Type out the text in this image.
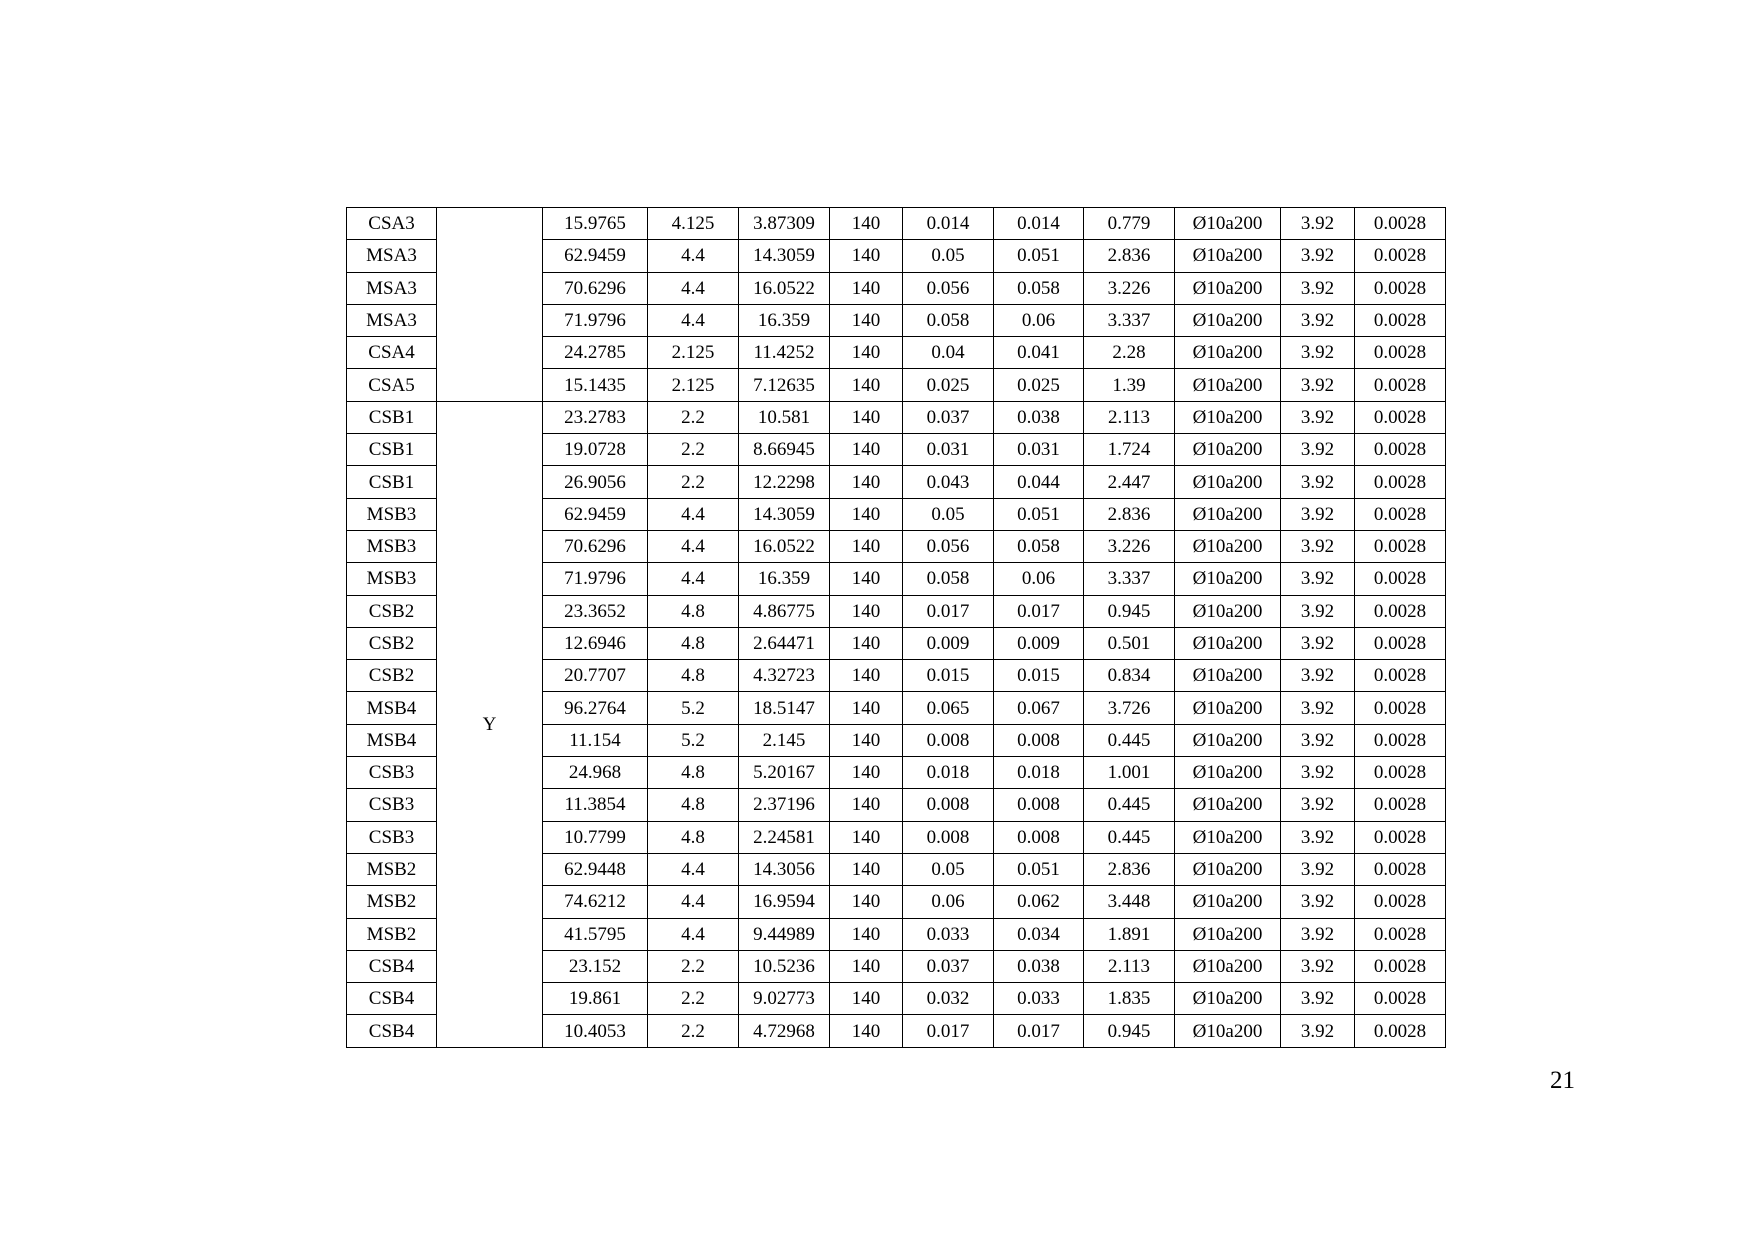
CSA3		15.9765	4.125	3.87309	140	0.014	0.014	0.779	Ø10a200	3.92	0.0028
MSA3		62.9459	4.4	14.3059	140	0.05	0.051	2.836	Ø10a200	3.92	0.0028
MSA3		70.6296	4.4	16.0522	140	0.056	0.058	3.226	Ø10a200	3.92	0.0028
MSA3		71.9796	4.4	16.359	140	0.058	0.06	3.337	Ø10a200	3.92	0.0028
CSA4		24.2785	2.125	11.4252	140	0.04	0.041	2.28	Ø10a200	3.92	0.0028
CSA5		15.1435	2.125	7.12635	140	0.025	0.025	1.39	Ø10a200	3.92	0.0028
CSB1	Y	23.2783	2.2	10.581	140	0.037	0.038	2.113	Ø10a200	3.92	0.0028
CSB1		19.0728	2.2	8.66945	140	0.031	0.031	1.724	Ø10a200	3.92	0.0028
CSB1		26.9056	2.2	12.2298	140	0.043	0.044	2.447	Ø10a200	3.92	0.0028
MSB3		62.9459	4.4	14.3059	140	0.05	0.051	2.836	Ø10a200	3.92	0.0028
MSB3		70.6296	4.4	16.0522	140	0.056	0.058	3.226	Ø10a200	3.92	0.0028
MSB3		71.9796	4.4	16.359	140	0.058	0.06	3.337	Ø10a200	3.92	0.0028
CSB2		23.3652	4.8	4.86775	140	0.017	0.017	0.945	Ø10a200	3.92	0.0028
CSB2		12.6946	4.8	2.64471	140	0.009	0.009	0.501	Ø10a200	3.92	0.0028
CSB2		20.7707	4.8	4.32723	140	0.015	0.015	0.834	Ø10a200	3.92	0.0028
MSB4		96.2764	5.2	18.5147	140	0.065	0.067	3.726	Ø10a200	3.92	0.0028
MSB4		11.154	5.2	2.145	140	0.008	0.008	0.445	Ø10a200	3.92	0.0028
CSB3		24.968	4.8	5.20167	140	0.018	0.018	1.001	Ø10a200	3.92	0.0028
CSB3		11.3854	4.8	2.37196	140	0.008	0.008	0.445	Ø10a200	3.92	0.0028
CSB3		10.7799	4.8	2.24581	140	0.008	0.008	0.445	Ø10a200	3.92	0.0028
MSB2		62.9448	4.4	14.3056	140	0.05	0.051	2.836	Ø10a200	3.92	0.0028
MSB2		74.6212	4.4	16.9594	140	0.06	0.062	3.448	Ø10a200	3.92	0.0028
MSB2		41.5795	4.4	9.44989	140	0.033	0.034	1.891	Ø10a200	3.92	0.0028
CSB4		23.152	2.2	10.5236	140	0.037	0.038	2.113	Ø10a200	3.92	0.0028
CSB4		19.861	2.2	9.02773	140	0.032	0.033	1.835	Ø10a200	3.92	0.0028
CSB4		10.4053	2.2	4.72968	140	0.017	0.017	0.945	Ø10a200	3.92	0.0028
21
